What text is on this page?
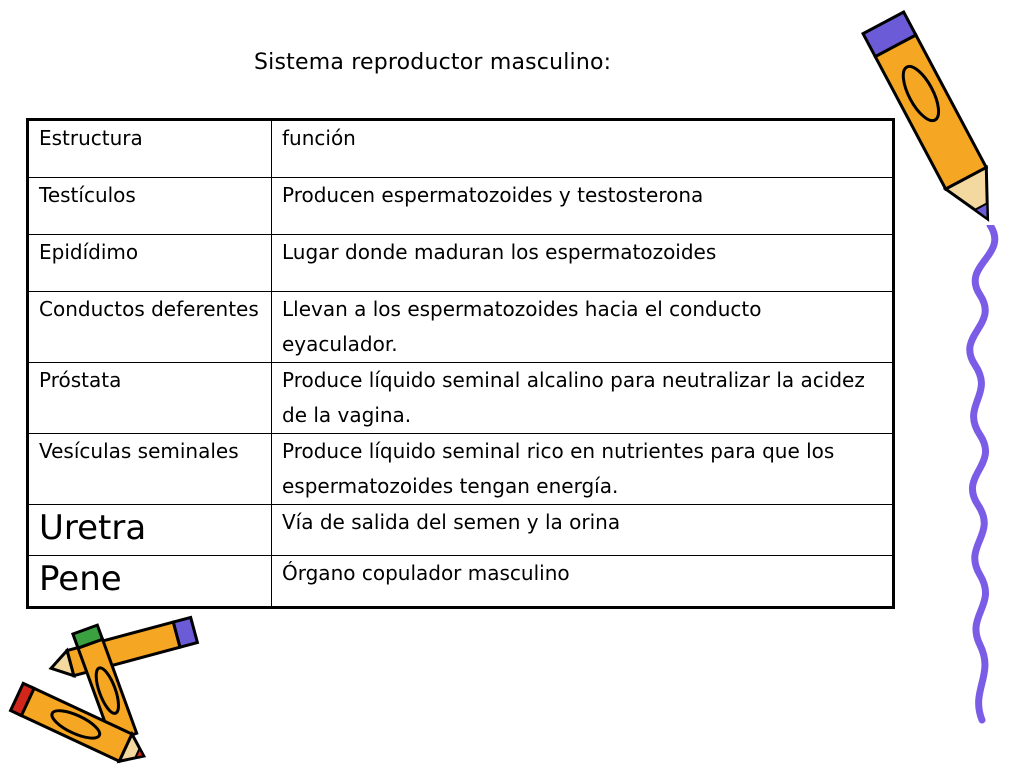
Sistema reproductor masculino:
Estructura	función
Testículos	Producen espermatozoides y testosterona
Epidídimo	Lugar donde maduran los espermatozoides
Conductos deferentes	Llevan a los espermatozoides hacia el conducto eyaculador.
Próstata	Produce líquido seminal alcalino para neutralizar la acidez de la vagina.
Vesículas seminales	Produce líquido seminal rico en nutrientes para que los espermatozoides tengan energía.
Uretra	Vía de salida del semen y la orina
Pene	Órgano copulador masculino
